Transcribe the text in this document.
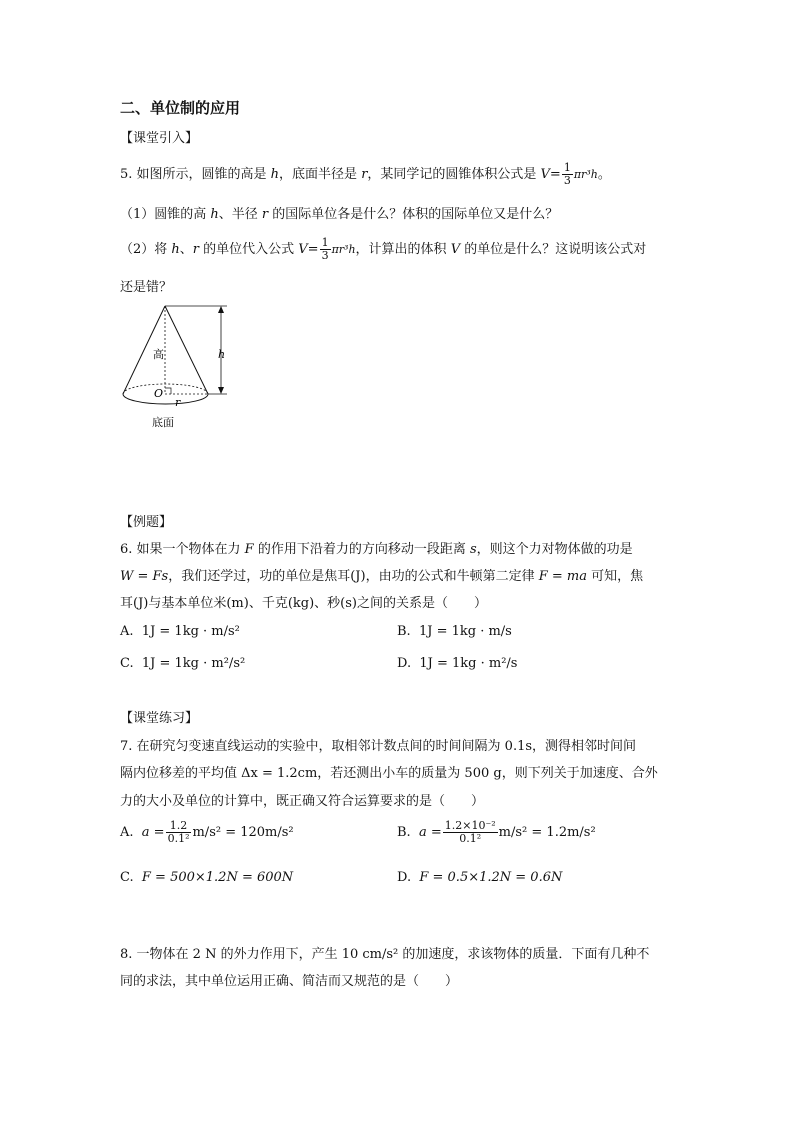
二、单位制的应用
【课堂引入】
5. 如图所示，圆锥的高是 h，底面半径是 r，某同学记的圆锥体积公式是 $V= \frac{1}{3} \pi r^3h$。
（1）圆锥的高 h、半径 r 的国际单位各是什么？体积的国际单位又是什么？
（2）将 h、r 的单位代入公式 $V= \frac{1}{3} \pi r^3h$，计算出的体积 V 的单位是什么？这说明该公式对
还是错？
高	h
O
r
底面
【例题】
6. 如果一个物体在力 F 的作用下沿着力的方向移动一段距离 s，则这个力对物体做的功是
W = Fs，我们还学过，功的单位是焦耳(J)，由功的公式和牛顿第二定律 F = ma 可知，焦
耳(J)与基本单位米(m)、千克(kg)、秒(s)之间的关系是（　　）
A. 1J = 1kg · m/s²	B. 1J = 1kg · m/s
C. 1J = 1kg · m²/s²	D. 1J = 1kg · m²/s
【课堂练习】
7. 在研究匀变速直线运动的实验中，取相邻计数点间的时间间隔为 0.1s，测得相邻时间间
隔内位移差的平均值 Δx = 1.2cm，若还测出小车的质量为 500 g，则下列关于加速度、合外
力的大小及单位的计算中，既正确又符合运算要求的是（　　）
A. $a = \frac{1.2}{\text{0.1²}} m/s^2 = 120m/s^2$	B. $a = \frac{\text{1.2×10⁻²}}{\text{0.1²}} m/s^2 = 1.2m/s^2$
C. F = 500×1.2N = 600N	D. F = 0.5×1.2N = 0.6N
8. 一物体在 2 N 的外力作用下，产生 10 cm/s² 的加速度，求该物体的质量．下面有几种不
同的求法，其中单位运用正确、简洁而又规范的是（　　）
